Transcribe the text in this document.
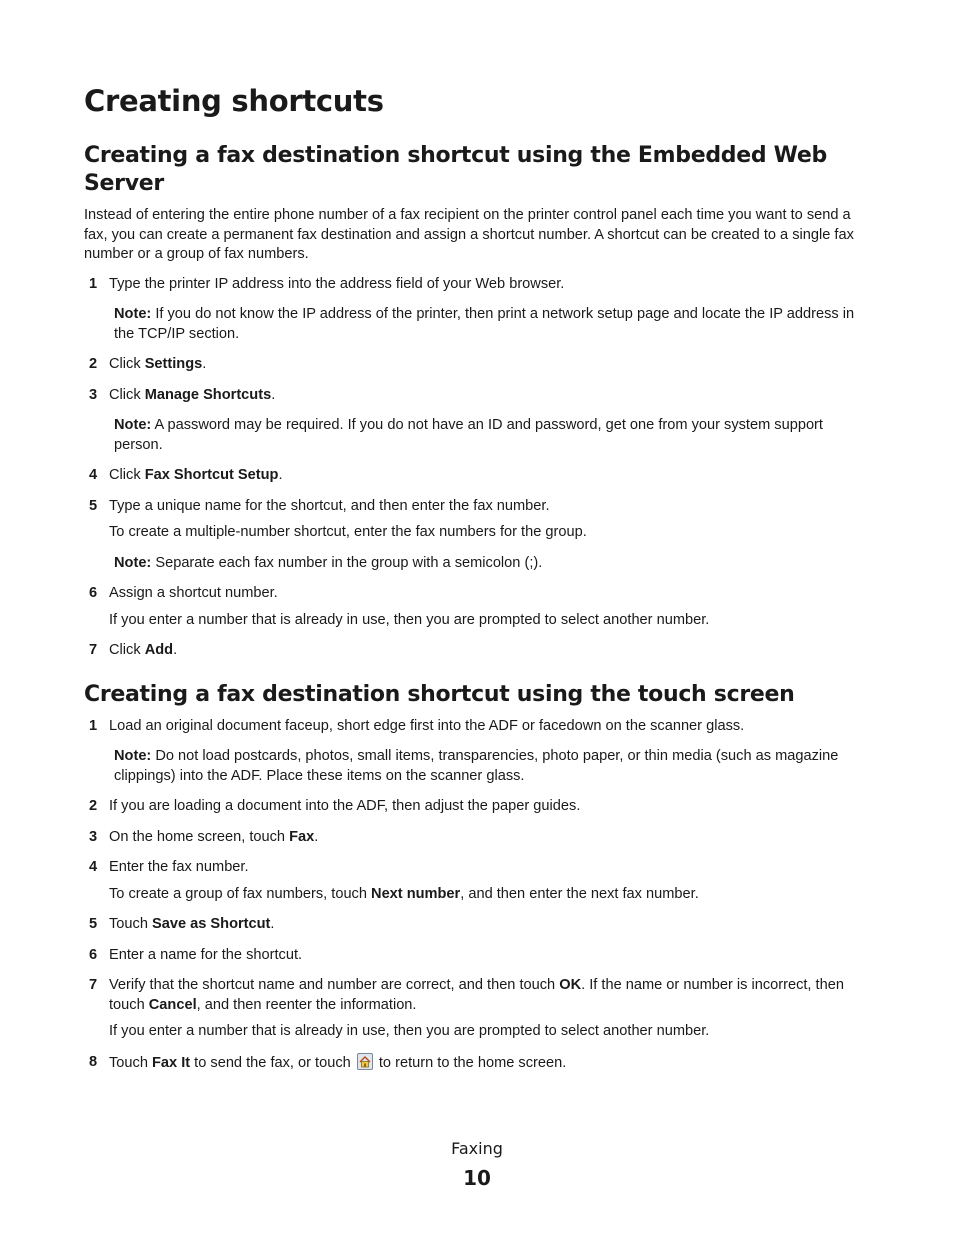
Creating shortcuts
Creating a fax destination shortcut using the Embedded Web Server

Instead of entering the entire phone number of a fax recipient on the printer control panel each time you want to send a fax, you can create a permanent fax destination and assign a shortcut number. A shortcut can be created to a single fax number or a group of fax numbers.

1 Type the printer IP address into the address field of your Web browser.
Note: If you do not know the IP address of the printer, then print a network setup page and locate the IP address in the TCP/IP section.
2 Click Settings.
3 Click Manage Shortcuts.
Note: A password may be required. If you do not have an ID and password, get one from your system support person.
4 Click Fax Shortcut Setup.
5 Type a unique name for the shortcut, and then enter the fax number.
To create a multiple-number shortcut, enter the fax numbers for the group.
Note: Separate each fax number in the group with a semicolon (;).
6 Assign a shortcut number.
If you enter a number that is already in use, then you are prompted to select another number.
7 Click Add.
Creating a fax destination shortcut using the touch screen
1 Load an original document faceup, short edge first into the ADF or facedown on the scanner glass.
Note: Do not load postcards, photos, small items, transparencies, photo paper, or thin media (such as magazine clippings) into the ADF. Place these items on the scanner glass.
2 If you are loading a document into the ADF, then adjust the paper guides.
3 On the home screen, touch Fax.
4 Enter the fax number.
To create a group of fax numbers, touch Next number, and then enter the next fax number.
5 Touch Save as Shortcut.
6 Enter a name for the shortcut.
7 Verify that the shortcut name and number are correct, and then touch OK. If the name or number is incorrect, then touch Cancel, and then reenter the information.
If you enter a number that is already in use, then you are prompted to select another number.
8 Touch Fax It to send the fax, or touch  to return to the home screen.
Faxing
10
